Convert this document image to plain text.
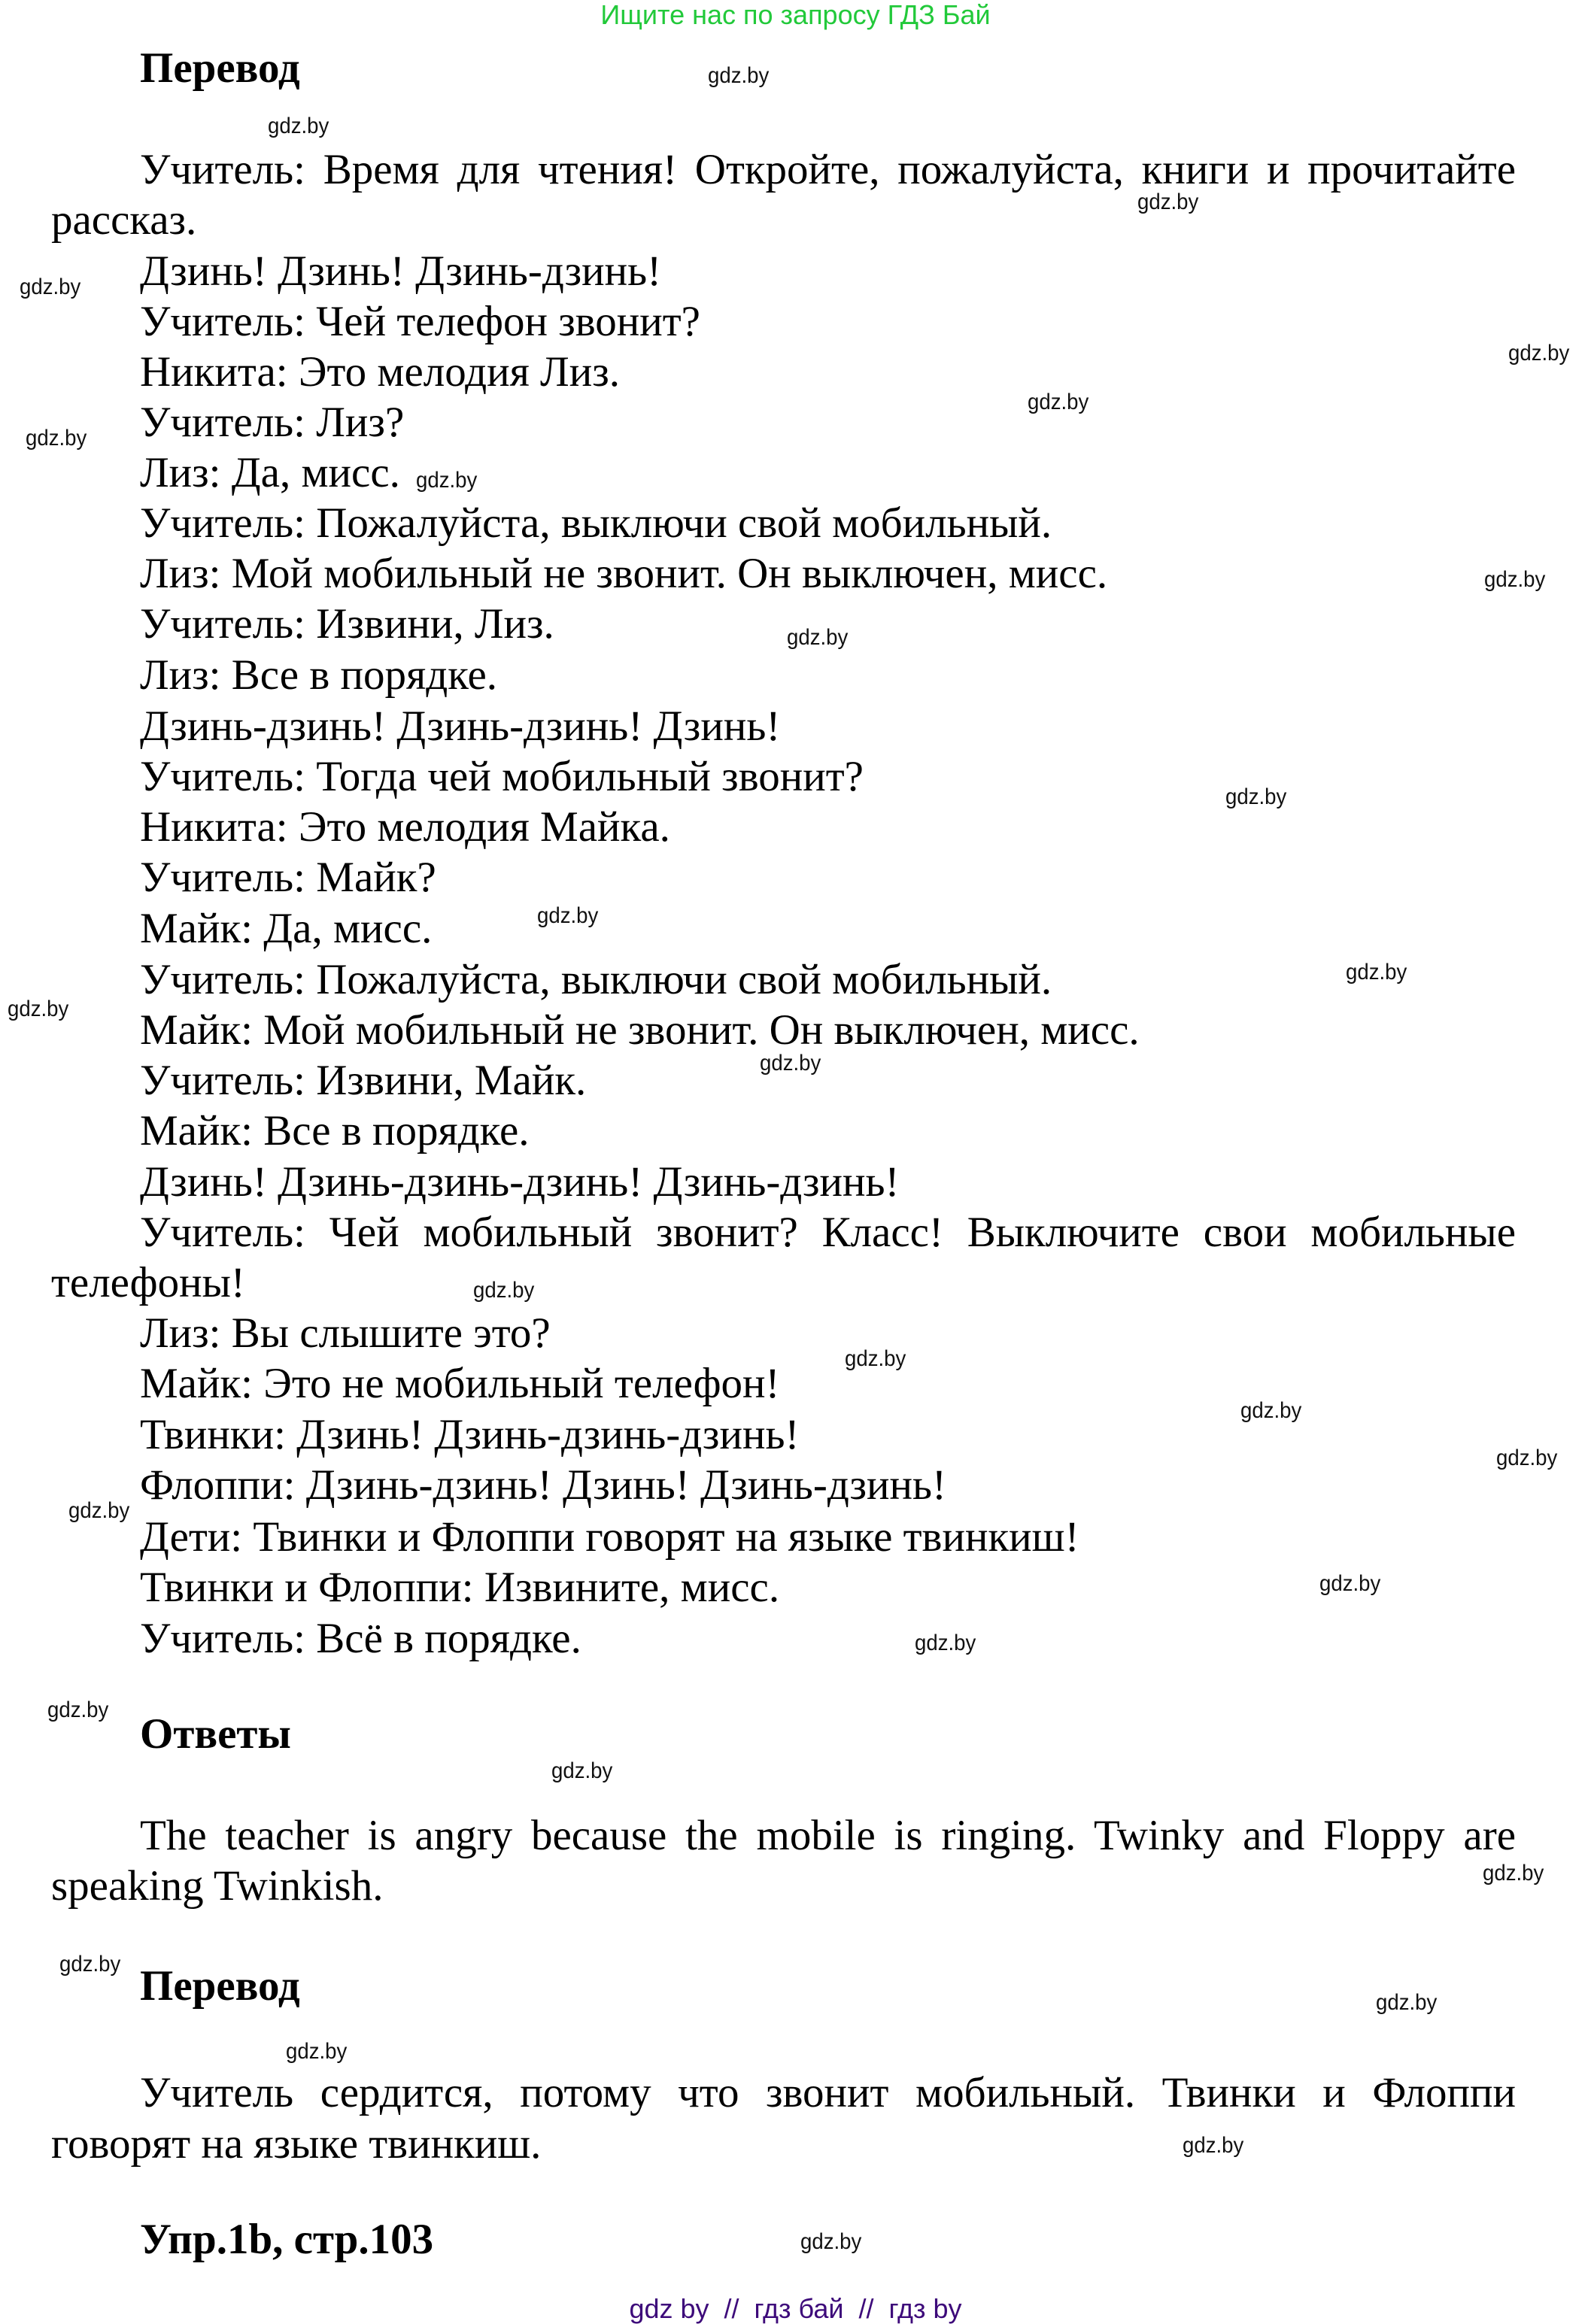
Ищите нас по запросу ГДЗ Бай
Перевод
Учитель: Время для чтения! Откройте, пожалуйста, книги и прочитайте
рассказ.
Дзинь! Дзинь! Дзинь-дзинь!
Учитель: Чей телефон звонит?
Никита: Это мелодия Лиз.
Учитель: Лиз?
Лиз: Да, мисс.
Учитель: Пожалуйста, выключи свой мобильный.
Лиз: Мой мобильный не звонит. Он выключен, мисс.
Учитель: Извини, Лиз.
Лиз: Все в порядке.
Дзинь-дзинь! Дзинь-дзинь! Дзинь!
Учитель: Тогда чей мобильный звонит?
Никита: Это мелодия Майка.
Учитель: Майк?
Майк: Да, мисс.
Учитель: Пожалуйста, выключи свой мобильный.
Майк: Мой мобильный не звонит. Он выключен, мисс.
Учитель: Извини, Майк.
Майк: Все в порядке.
Дзинь! Дзинь-дзинь-дзинь! Дзинь-дзинь!
Учитель: Чей мобильный звонит? Класс! Выключите свои мобильные
телефоны!
Лиз: Вы слышите это?
Майк: Это не мобильный телефон!
Твинки: Дзинь! Дзинь-дзинь-дзинь!
Флоппи: Дзинь-дзинь! Дзинь! Дзинь-дзинь!
Дети: Твинки и Флоппи говорят на языке твинкиш!
Твинки и Флоппи: Извините, мисс.
Учитель: Всё в порядке.
Ответы
The teacher is angry because the mobile is ringing. Twinky and Floppy are
speaking Twinkish.
Перевод
Учитель сердится, потому что звонит мобильный. Твинки и Флоппи
говорят на языке твинкиш.
Упр.1b, стр.103
gdz.by
gdz.by
gdz.by
gdz.by
gdz.by
gdz.by
gdz.by
gdz.by
gdz.by
gdz.by
gdz.by
gdz.by
gdz.by
gdz.by
gdz.by
gdz.by
gdz.by
gdz.by
gdz.by
gdz.by
gdz.by
gdz.by
gdz.by
gdz.by
gdz.by
gdz.by
gdz.by
gdz.by
gdz.by
gdz.by
gdz by  //  гдз бай  //  гдз by
